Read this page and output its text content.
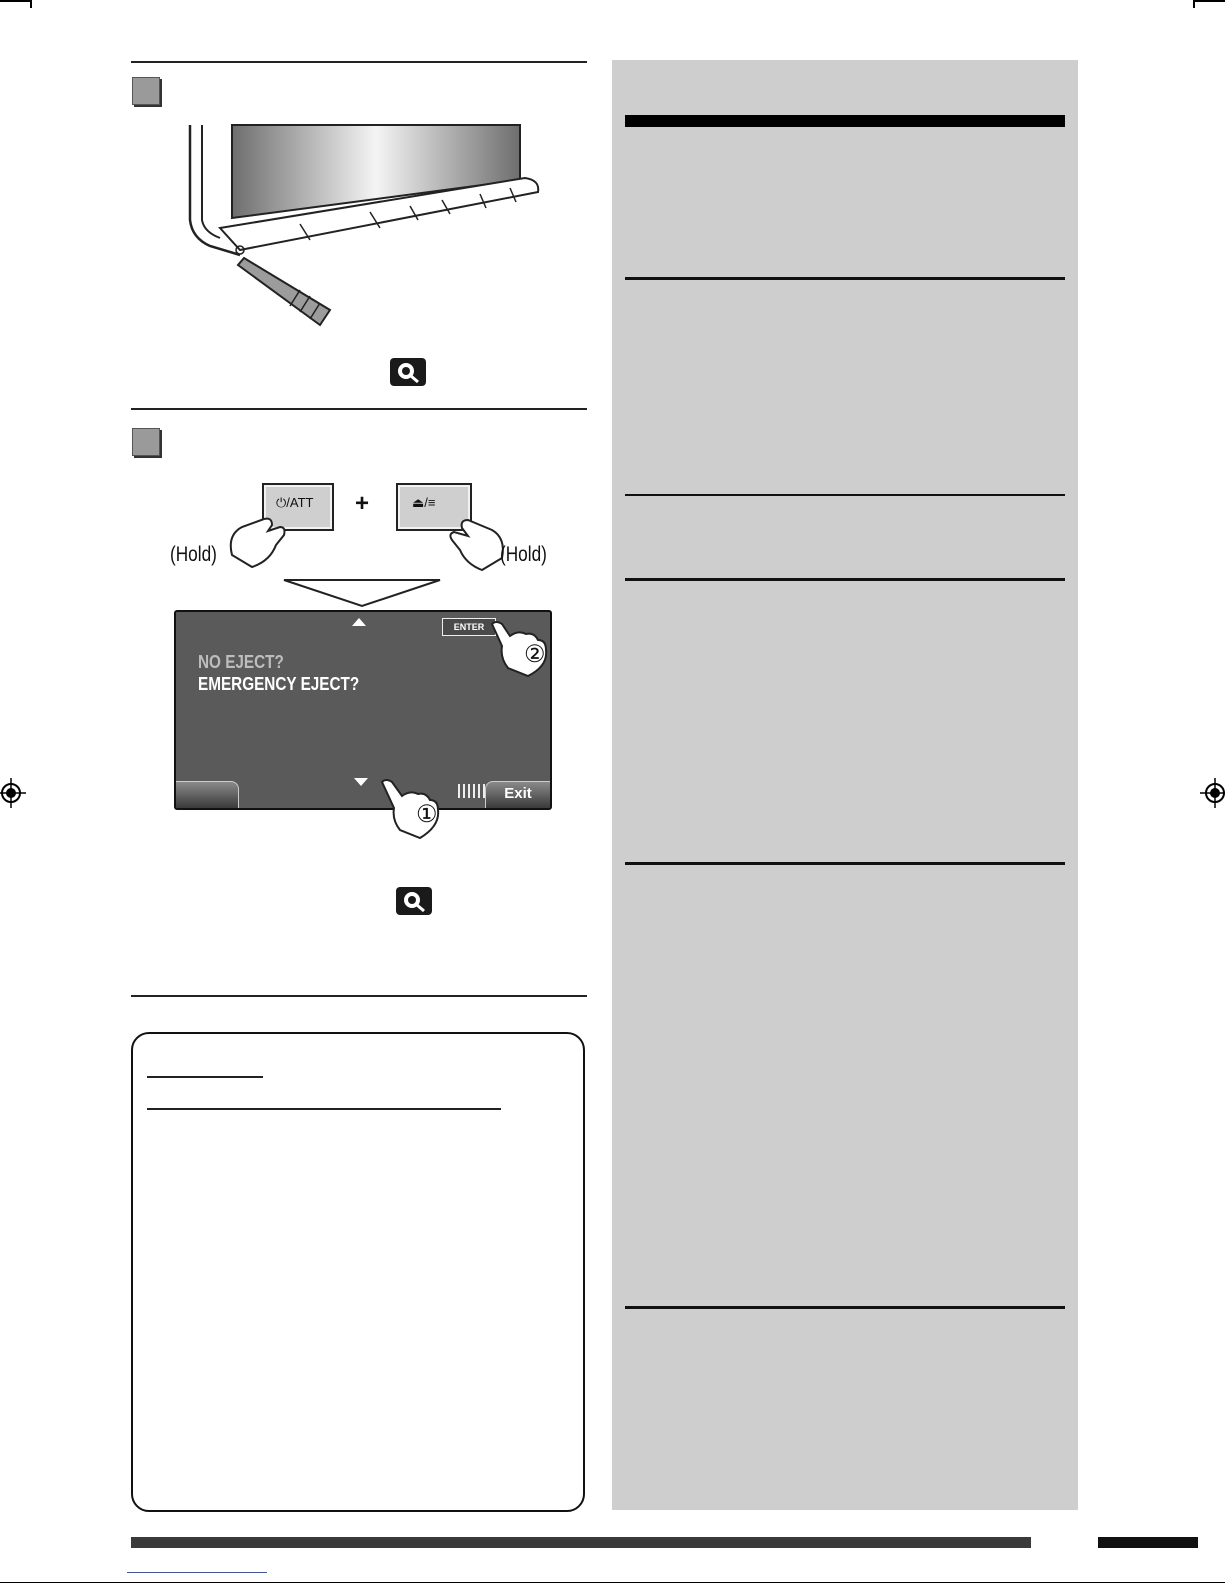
⏻/ATT +	⏏/≡
(Hold)	(Hold)
ENTER
NO EJECT?
EMERGENCY EJECT?
Exit
②
①
